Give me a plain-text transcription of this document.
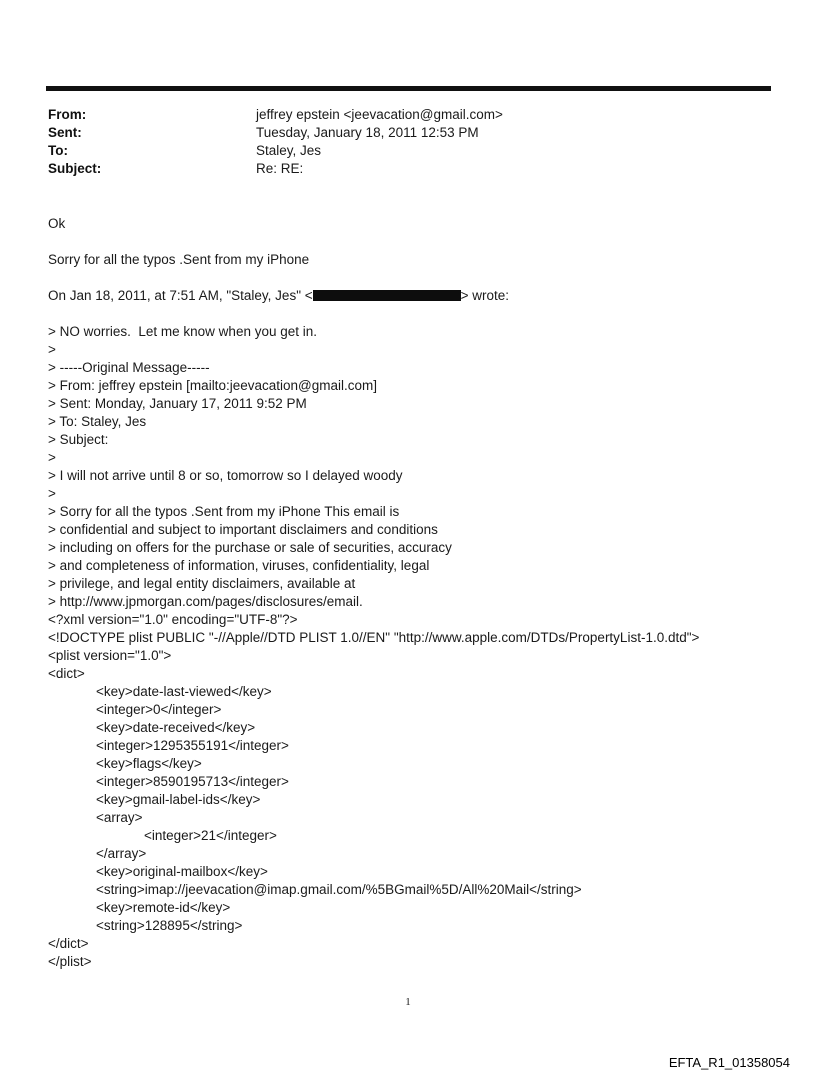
From:	jeffrey epstein <jeevacation@gmail.com>
Sent:	Tuesday, January 18, 2011 12:53 PM
To:	Staley, Jes
Subject:	Re: RE:
Ok
Sorry for all the typos .Sent from my iPhone
On Jan 18, 2011, at 7:51 AM, "Staley, Jes" <	> wrote:
> NO worries.  Let me know when you get in.
>
> -----Original Message-----
> From: jeffrey epstein [mailto:jeevacation@gmail.com]
> Sent: Monday, January 17, 2011 9:52 PM
> To: Staley, Jes
> Subject:
>
> I will not arrive until 8 or so, tomorrow so I delayed woody
>
> Sorry for all the typos .Sent from my iPhone This email is
> confidential and subject to important disclaimers and conditions
> including on offers for the purchase or sale of securities, accuracy
> and completeness of information, viruses, confidentiality, legal
> privilege, and legal entity disclaimers, available at
> http://www.jpmorgan.com/pages/disclosures/email.
<?xml version="1.0" encoding="UTF-8"?>
<!DOCTYPE plist PUBLIC "-//Apple//DTD PLIST 1.0//EN" "http://www.apple.com/DTDs/PropertyList-1.0.dtd">
<plist version="1.0">
<dict>
<key>date-last-viewed</key>
<integer>0</integer>
<key>date-received</key>
<integer>1295355191</integer>
<key>flags</key>
<integer>8590195713</integer>
<key>gmail-label-ids</key>
<array>
<integer>21</integer>
</array>
<key>original-mailbox</key>
<string>imap://jeevacation@imap.gmail.com/%5BGmail%5D/All%20Mail</string>
<key>remote-id</key>
<string>128895</string>
</dict>
</plist>
1
EFTA_R1_01358054
